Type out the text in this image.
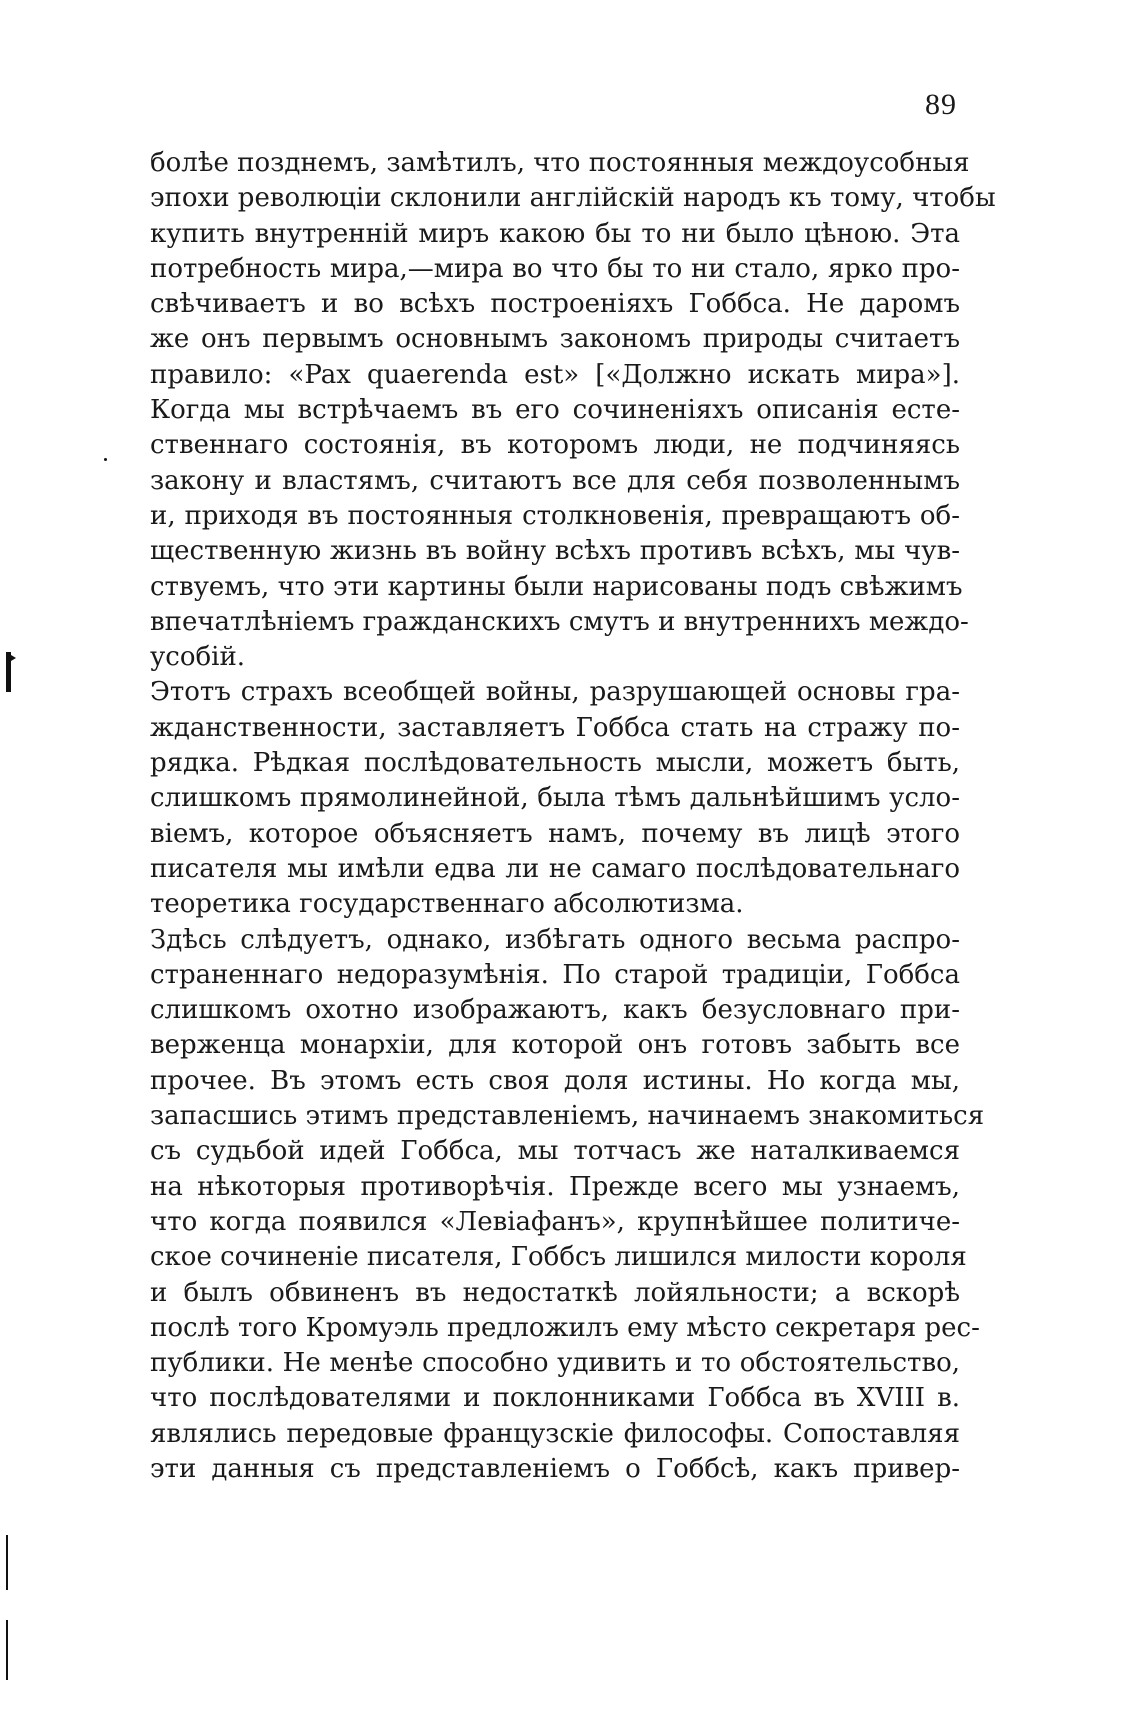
89
болѣе позднемъ, замѣтилъ, что постоянныя междоусобныя
эпохи революціи склонили англійскій народъ къ тому, чтобы
купить внутренній миръ какою бы то ни было цѣною. Эта
потребность мира,—мира во что бы то ни стало, ярко про-
свѣчиваетъ и во всѣхъ построеніяхъ Гоббса. Не даромъ
же онъ первымъ основнымъ закономъ природы считаетъ
правило: «Pax quaerenda est» [«Должно искать мира»].
Когда мы встрѣчаемъ въ его сочиненіяхъ описанія есте-
ственнаго состоянія, въ которомъ люди, не подчиняясь
закону и властямъ, считаютъ все для себя позволеннымъ
и, приходя въ постоянныя столкновенія, превращаютъ об-
щественную жизнь въ войну всѣхъ противъ всѣхъ, мы чув-
ствуемъ, что эти картины были нарисованы подъ свѣжимъ
впечатлѣніемъ гражданскихъ смутъ и внутреннихъ междо-
усобій.
Этотъ страхъ всеобщей войны, разрушающей основы гра-
жданственности, заставляетъ Гоббса стать на стражу по-
рядка. Рѣдкая послѣдовательность мысли, можетъ быть,
слишкомъ прямолинейной, была тѣмъ дальнѣйшимъ усло-
віемъ, которое объясняетъ намъ, почему въ лицѣ этого
писателя мы имѣли едва ли не самаго послѣдовательнаго
теоретика государственнаго абсолютизма.
Здѣсь слѣдуетъ, однако, избѣгать одного весьма распро-
страненнаго недоразумѣнія. По старой традиціи, Гоббса
слишкомъ охотно изображаютъ, какъ безусловнаго при-
верженца монархіи, для которой онъ готовъ забыть все
прочее. Въ этомъ есть своя доля истины. Но когда мы,
запасшись этимъ представленіемъ, начинаемъ знакомиться
съ судьбой идей Гоббса, мы тотчасъ же наталкиваемся
на нѣкоторыя противорѣчія. Прежде всего мы узнаемъ,
что когда появился «Левіафанъ», крупнѣйшее политиче-
ское сочиненіе писателя, Гоббсъ лишился милости короля
и былъ обвиненъ въ недостаткѣ лойяльности; а вскорѣ
послѣ того Кромуэль предложилъ ему мѣсто секретаря рес-
публики. Не менѣе способно удивить и то обстоятельство,
что послѣдователями и поклонниками Гоббса въ XVIII в.
являлись передовые французскіе философы. Сопоставляя
эти данныя съ представленіемъ о Гоббсѣ, какъ привер-
